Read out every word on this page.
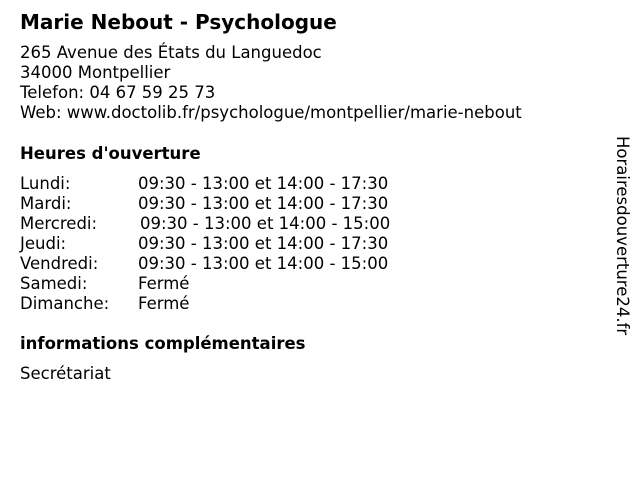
Marie Nebout - Psychologue
265 Avenue des États du Languedoc
34000 Montpellier
Telefon: 04 67 59 25 73
Web: www.doctolib.fr/psychologue/montpellier/marie-nebout
Heures d'ouverture
Lundi:	09:30 - 13:00 et 14:00 - 17:30
Mardi:	09:30 - 13:00 et 14:00 - 17:30
Mercredi:	09:30 - 13:00 et 14:00 - 15:00
Jeudi:	09:30 - 13:00 et 14:00 - 17:30
Vendredi: 09:30 - 13:00 et 14:00 - 15:00
Samedi:	Fermé
Dimanche: Fermé
informations complémentaires
Secrétariat
Horairesdouverture24.fr
